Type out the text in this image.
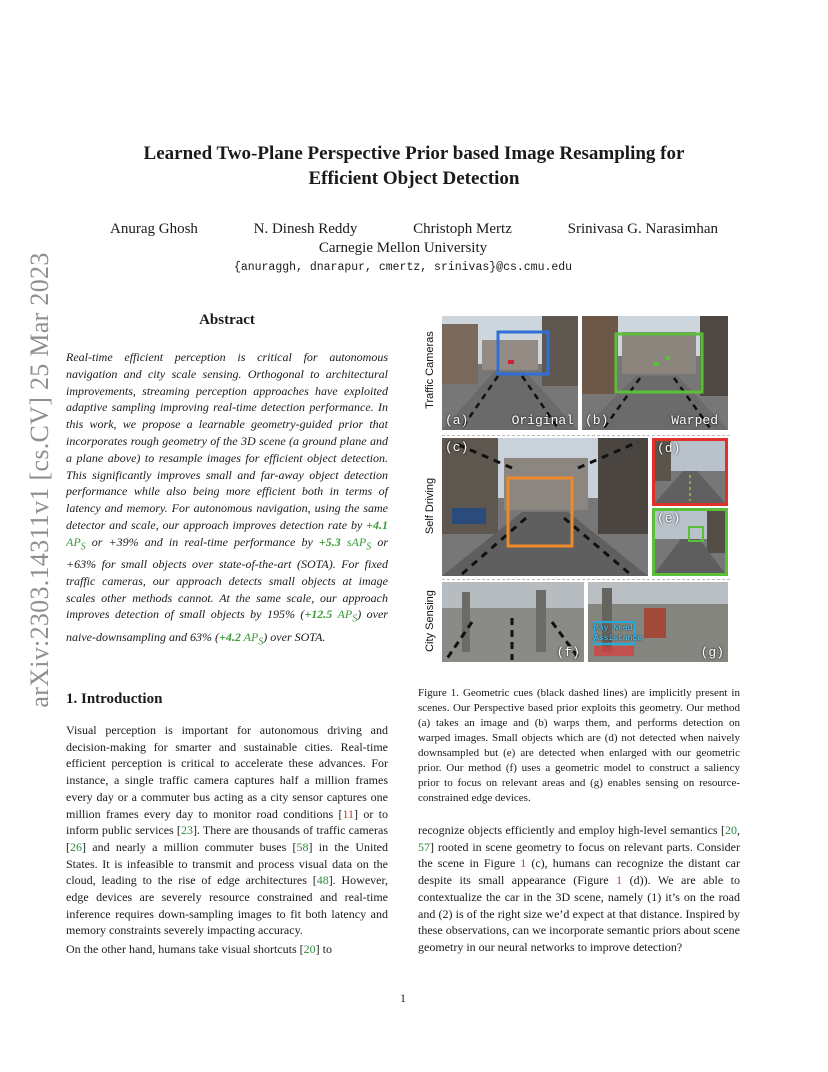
arXiv:2303.14311v1 [cs.CV] 25 Mar 2023
Learned Two-Plane Perspective Prior based Image Resampling for
Efficient Object Detection
Anurag Ghosh	N. Dinesh Reddy	Christoph Mertz	Srinivasa G. Narasimhan
Carnegie Mellon University
{anuraggh, dnarapur, cmertz, srinivas}@cs.cmu.edu
Abstract
Real-time efficient perception is critical for autonomous navigation and city scale sensing. Orthogonal to architectural improvements, streaming perception approaches have exploited adaptive sampling improving real-time detection performance. In this work, we propose a learnable geometry-guided prior that incorporates rough geometry of the 3D scene (a ground plane and a plane above) to resample images for efficient object detection. This significantly improves small and far-away object detection performance while also being more efficient both in terms of latency and memory. For autonomous navigation, using the same detector and scale, our approach improves detection rate by +4.1 $AP_S$ or +39% and in real-time performance by +5.3 sAP$_S$ or +63% for small objects over state-of-the-art (SOTA). For fixed traffic cameras, our approach detects small objects at image scales other methods cannot. At the same scale, our approach improves detection of small objects by 195% (+12.5 $AP_S$) over naive-downsampling and 63% (+4.2 $AP_S$) over SOTA.
1. Introduction

Visual perception is important for autonomous driving and decision-making for smarter and sustainable cities. Real-time efficient perception is critical to accelerate these advances. For instance, a single traffic camera captures half a million frames every day or a commuter bus acting as a city sensor captures one million frames every day to monitor road conditions [11] or to inform public services [23]. There are thousands of traffic cameras [26] and nearly a million commuter buses [58] in the United States. It is infeasible to transmit and process visual data on the cloud, leading to the rise of edge architectures [48]. However, edge devices are severely resource constrained and real-time inference requires down-sampling images to fit both latency and memory constraints severely impacting accuracy.

On the other hand, humans take visual shortcuts [20] to

Traffic Cameras
Self Driving
City Sensing
(a)	Original (b)	Warped
(c)	(d)
(e)
(f)
May Need
Assistance
(g)
Figure 1. Geometric cues (black dashed lines) are implicitly present in scenes. Our Perspective based prior exploits this geometry. Our method (a) takes an image and (b) warps them, and performs detection on warped images. Small objects which are (d) not detected when naively downsampled but (e) are detected when enlarged with our geometric prior. Our method (f) uses a geometric model to construct a saliency prior to focus on relevant areas and (g) enables sensing on resource-constrained edge devices.
recognize objects efficiently and employ high-level semantics [20, 57] rooted in scene geometry to focus on relevant parts. Consider the scene in Figure 1 (c), humans can recognize the distant car despite its small appearance (Figure 1 (d)). We are able to contextualize the car in the 3D scene, namely (1) it’s on the road and (2) is of the right size we’d expect at that distance. Inspired by these observations, can we incorporate semantic priors about scene geometry in our neural networks to improve detection?
1
